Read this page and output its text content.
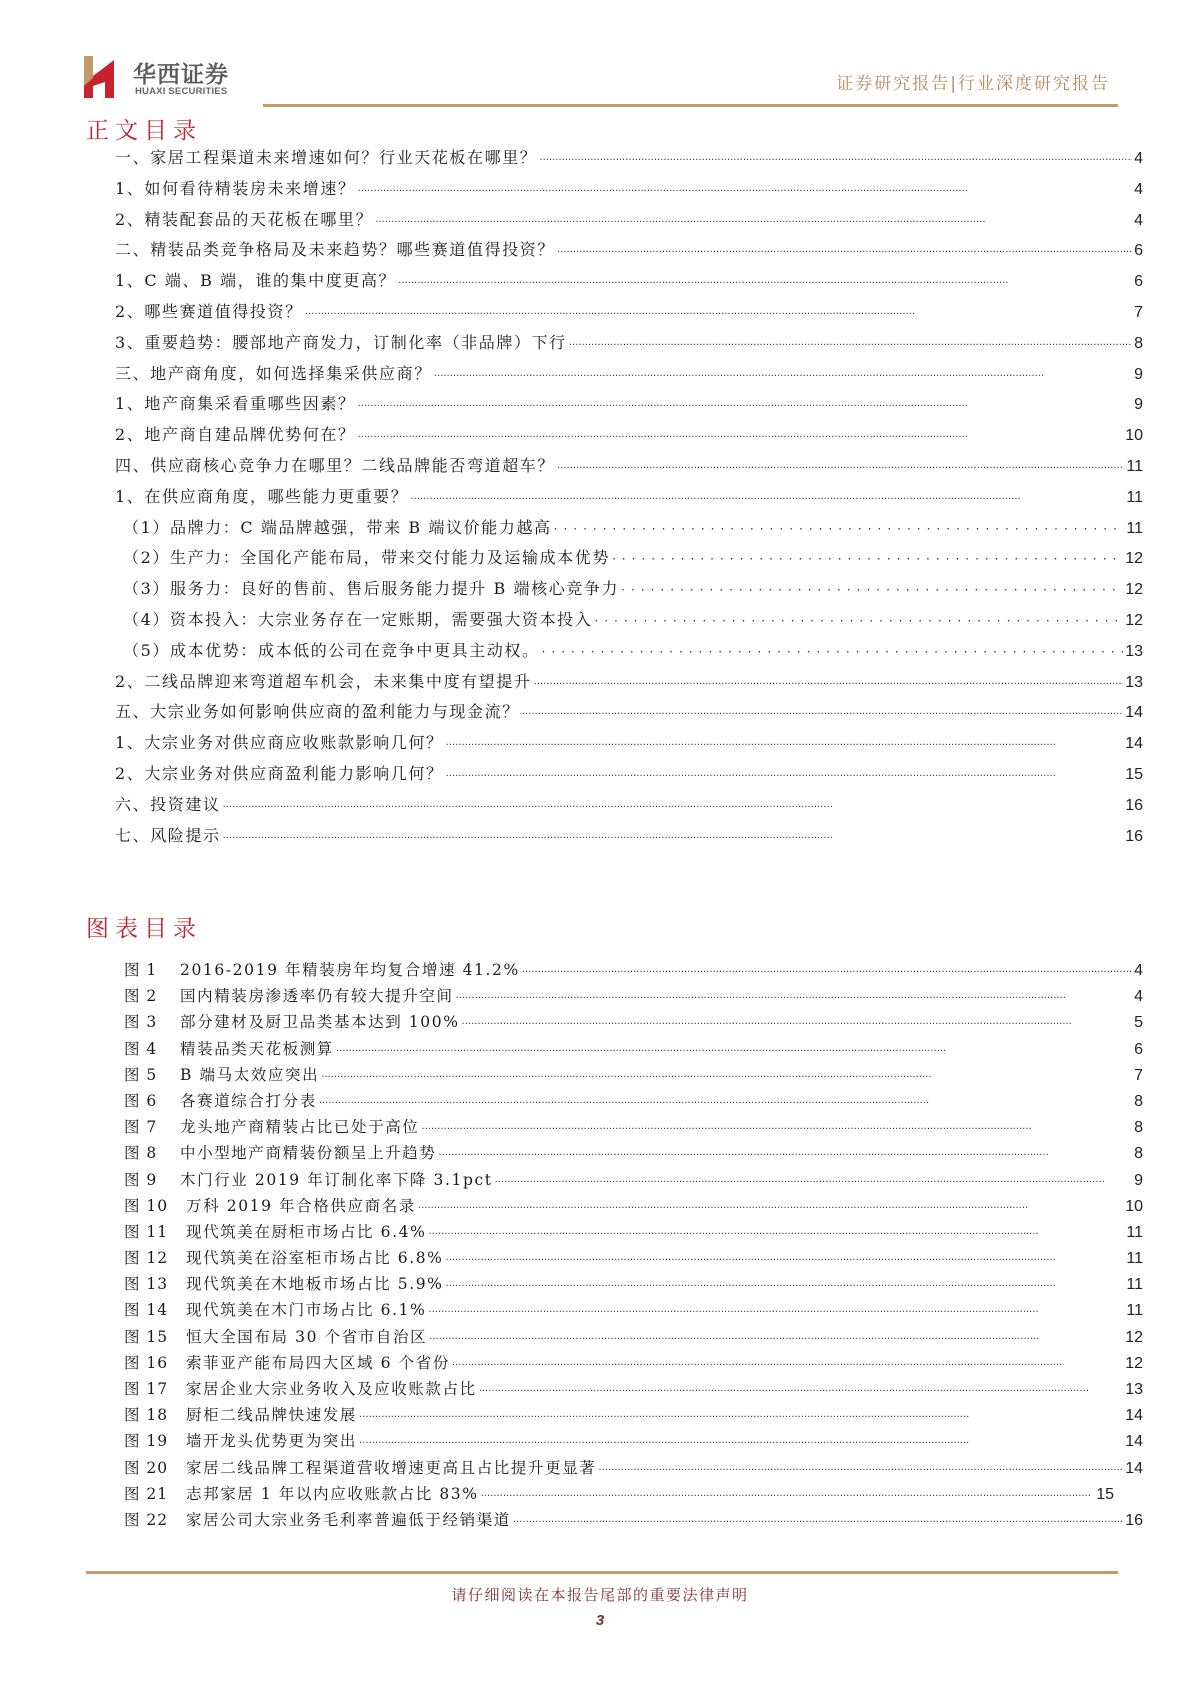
华西证券
HUAXI SECURITIES	证券研究报告|行业深度研究报告
正文目录
一、家居工程渠道未来增速如何？行业天花板在哪里？ ·····	4
1、如何看待精装房未来增速？ ·····	4
2、精装配套品的天花板在哪里？ ·····	4
二、精装品类竞争格局及未来趋势？哪些赛道值得投资？ ·····	6
1、C 端、B 端，谁的集中度更高？ ·····	6
2、哪些赛道值得投资？ ·····	7
3、重要趋势：腰部地产商发力，订制化率（非品牌）下行 ·····	8
三、地产商角度，如何选择集采供应商？ ·····	9
1、地产商集采看重哪些因素？ ·····	9
2、地产商自建品牌优势何在？ ·····	10
四、供应商核心竞争力在哪里？二线品牌能否弯道超车？ ·····	11
1、在供应商角度，哪些能力更重要？ ·····	11
（1）品牌力：C 端品牌越强，带来 B 端议价能力越高 ·····	11
（2）生产力：全国化产能布局，带来交付能力及运输成本优势 ·····	12
（3）服务力：良好的售前、售后服务能力提升 B 端核心竞争力 ·····	12
（4）资本投入：大宗业务存在一定账期，需要强大资本投入 ·····	12
（5）成本优势：成本低的公司在竞争中更具主动权。 ·····	13
2、二线品牌迎来弯道超车机会，未来集中度有望提升 ·····	13
五、大宗业务如何影响供应商的盈利能力与现金流？ ·····	14
1、大宗业务对供应商应收账款影响几何？ ·····	14
2、大宗业务对供应商盈利能力影响几何？ ·····	15
六、投资建议 ·····	16
七、风险提示 ·····	16
图表目录
图 1	2016-2019 年精装房年均复合增速 41.2% ·····	4
图 2	国内精装房渗透率仍有较大提升空间 ·····	4
图 3	部分建材及厨卫品类基本达到 100% ·····	5
图 4	精装品类天花板测算 ·····	6
图 5	B 端马太效应突出 ·····	7
图 6	各赛道综合打分表 ·····	8
图 7	龙头地产商精装占比已处于高位 ·····	8
图 8	中小型地产商精装份额呈上升趋势 ·····	8
图 9	木门行业 2019 年订制化率下降 3.1pct ·····	9
图 10	万科 2019 年合格供应商名录 ·····	10
图 11	现代筑美在厨柜市场占比 6.4% ·····	11
图 12	现代筑美在浴室柜市场占比 6.8% ·····	11
图 13	现代筑美在木地板市场占比 5.9% ·····	11
图 14	现代筑美在木门市场占比 6.1% ·····	11
图 15	恒大全国布局 30 个省市自治区 ·····	12
图 16	索菲亚产能布局四大区域 6 个省份 ·····	12
图 17	家居企业大宗业务收入及应收账款占比 ·····	13
图 18	厨柜二线品牌快速发展 ·····	14
图 19	墙开龙头优势更为突出 ·····	14
图 20	家居二线品牌工程渠道营收增速更高且占比提升更显著 ·····	14
图 21	志邦家居 1 年以内应收账款占比 83% ·····	15
图 22	家居公司大宗业务毛利率普遍低于经销渠道 ·····	16
请仔细阅读在本报告尾部的重要法律声明
3
